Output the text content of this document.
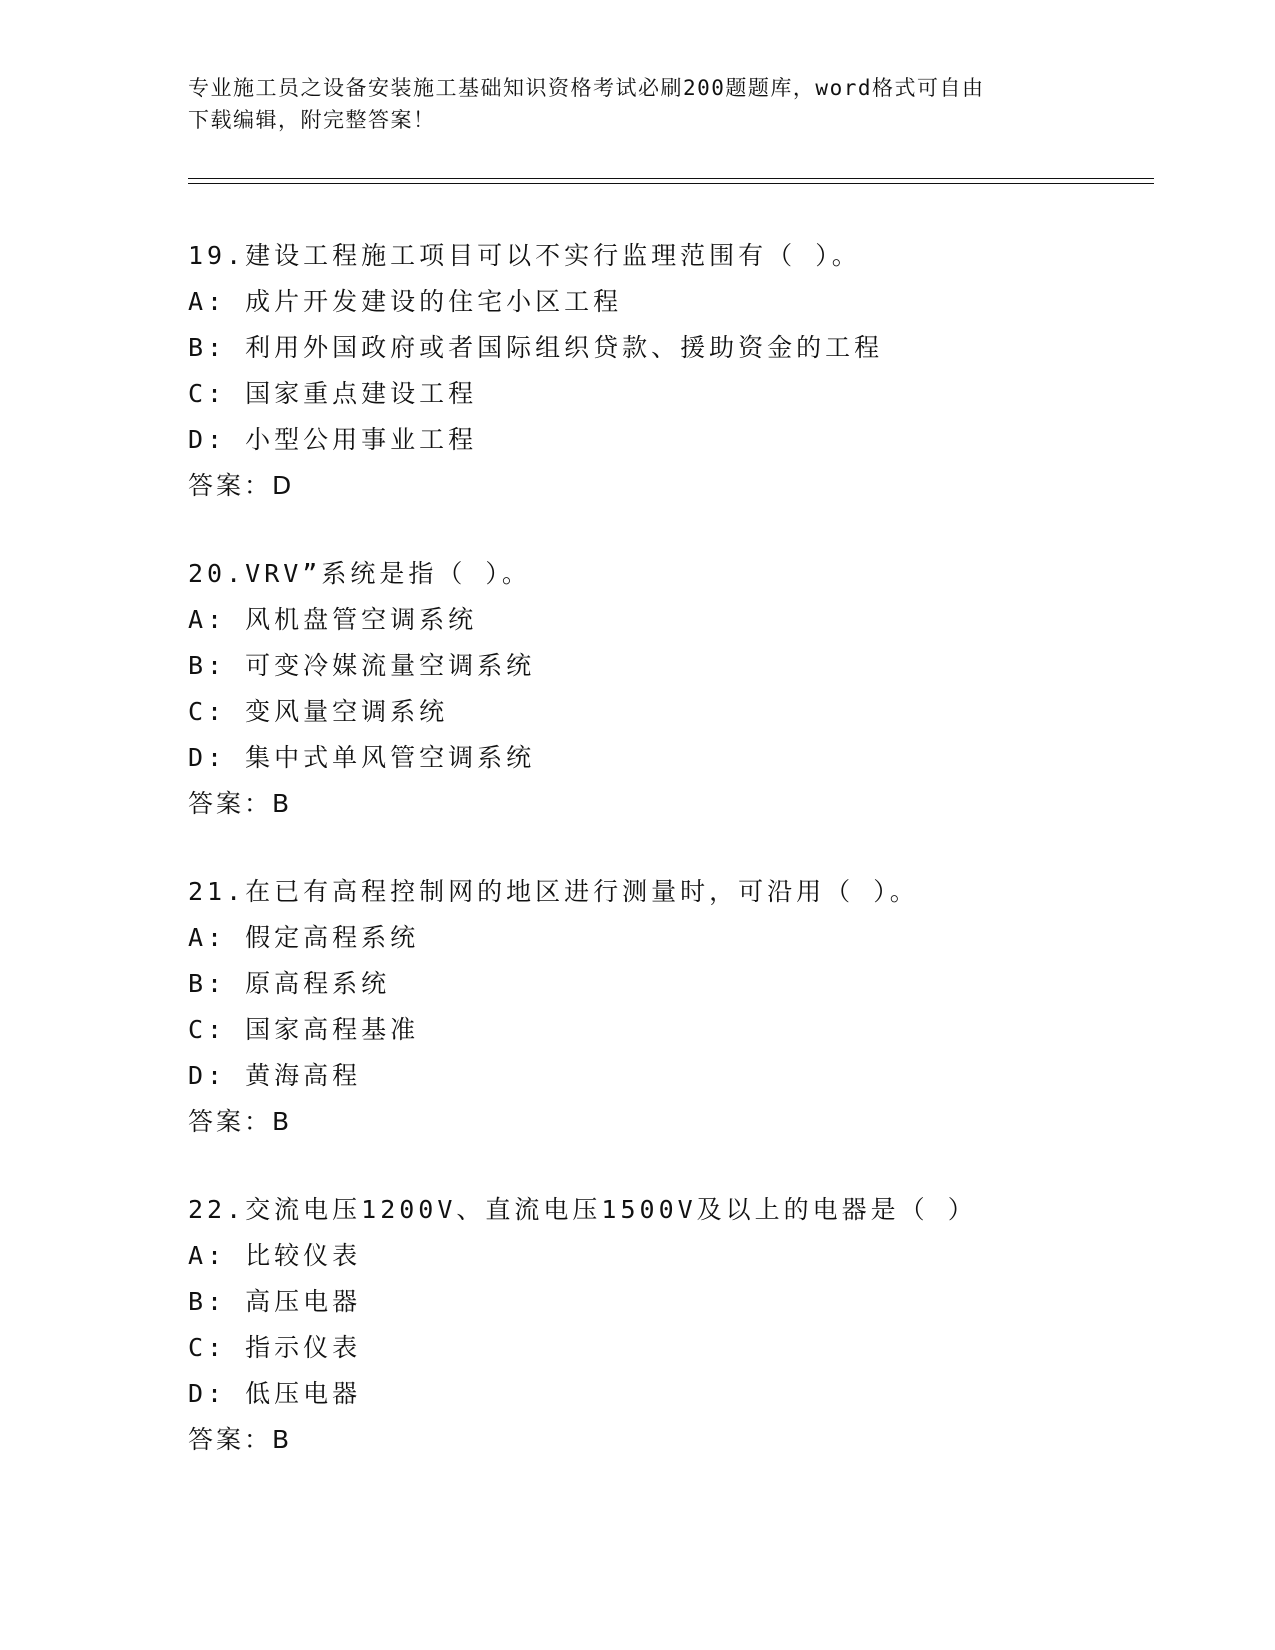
专业施工员之设备安装施工基础知识资格考试必刷200题题库，word格式可自由
下载编辑，附完整答案！
19.建设工程施工项目可以不实行监理范围有（ ）。
A: 成片开发建设的住宅小区工程
B: 利用外国政府或者国际组织贷款、援助资金的工程
C: 国家重点建设工程
D: 小型公用事业工程
答案：D
20.VRV”系统是指（ ）。
A: 风机盘管空调系统
B: 可变冷媒流量空调系统
C: 变风量空调系统
D: 集中式单风管空调系统
答案：B
21.在已有高程控制网的地区进行测量时，可沿用（ ）。
A: 假定高程系统
B: 原高程系统
C: 国家高程基准
D: 黄海高程
答案：B
22.交流电压1200V、直流电压1500V及以上的电器是（ ）
A: 比较仪表
B: 高压电器
C: 指示仪表
D: 低压电器
答案：B
